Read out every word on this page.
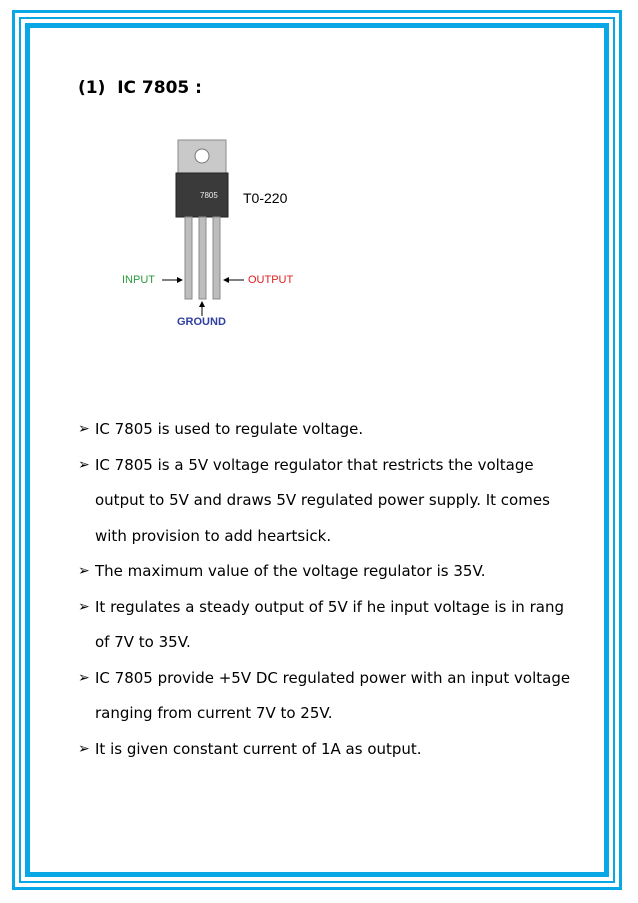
(1)  IC 7805 :
7805 T0-220
INPUT	OUTPUT
GROUND
➢ IC 7805 is used to regulate voltage.
➢ IC 7805 is a 5V voltage regulator that restricts the voltage output to 5V and draws 5V regulated power supply. It comes with provision to add heartsick.
➢ The maximum value of the voltage regulator is 35V.
➢ It regulates a steady output of 5V if he input voltage is in rang of 7V to 35V.
➢ IC 7805 provide +5V DC regulated power with an input voltage ranging from current 7V to 25V.
➢ It is given constant current of 1A as output.
